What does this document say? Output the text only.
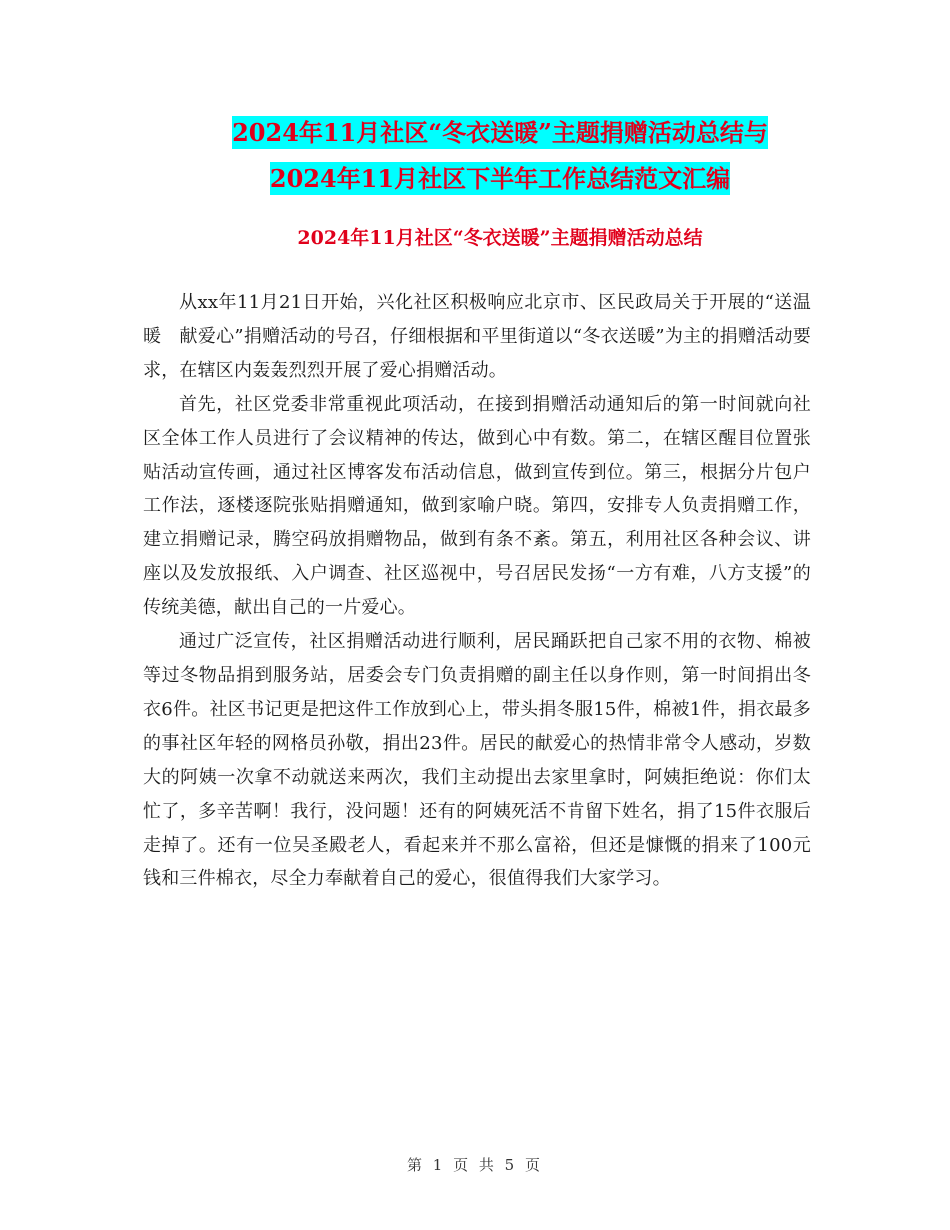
2024年11月社区“冬衣送暖”主题捐赠活动总结与
2024年11月社区下半年工作总结范文汇编
2024年11月社区“冬衣送暖”主题捐赠活动总结

从xx年11月21日开始，兴化社区积极响应北京市、区民政局关于开展的“送温暖　献爱心”捐赠活动的号召，仔细根据和平里街道以“冬衣送暖”为主的捐赠活动要求，在辖区内轰轰烈烈开展了爱心捐赠活动。

首先，社区党委非常重视此项活动，在接到捐赠活动通知后的第一时间就向社区全体工作人员进行了会议精神的传达，做到心中有数。第二，在辖区醒目位置张贴活动宣传画，通过社区博客发布活动信息，做到宣传到位。第三，根据分片包户工作法，逐楼逐院张贴捐赠通知，做到家喻户晓。第四，安排专人负责捐赠工作，建立捐赠记录，腾空码放捐赠物品，做到有条不紊。第五，利用社区各种会议、讲座以及发放报纸、入户调查、社区巡视中，号召居民发扬“一方有难，八方支援”的传统美德，献出自己的一片爱心。

通过广泛宣传，社区捐赠活动进行顺利，居民踊跃把自己家不用的衣物、棉被等过冬物品捐到服务站，居委会专门负责捐赠的副主任以身作则，第一时间捐出冬衣6件。社区书记更是把这件工作放到心上，带头捐冬服15件，棉被1件，捐衣最多的事社区年轻的网格员孙敬，捐出23件。居民的献爱心的热情非常令人感动，岁数大的阿姨一次拿不动就送来两次，我们主动提出去家里拿时，阿姨拒绝说：你们太忙了，多辛苦啊！我行，没问题！还有的阿姨死活不肯留下姓名，捐了15件衣服后走掉了。还有一位吴圣殿老人，看起来并不那么富裕，但还是慷慨的捐来了100元钱和三件棉衣，尽全力奉献着自己的爱心，很值得我们大家学习。

第 1 页 共 5 页
